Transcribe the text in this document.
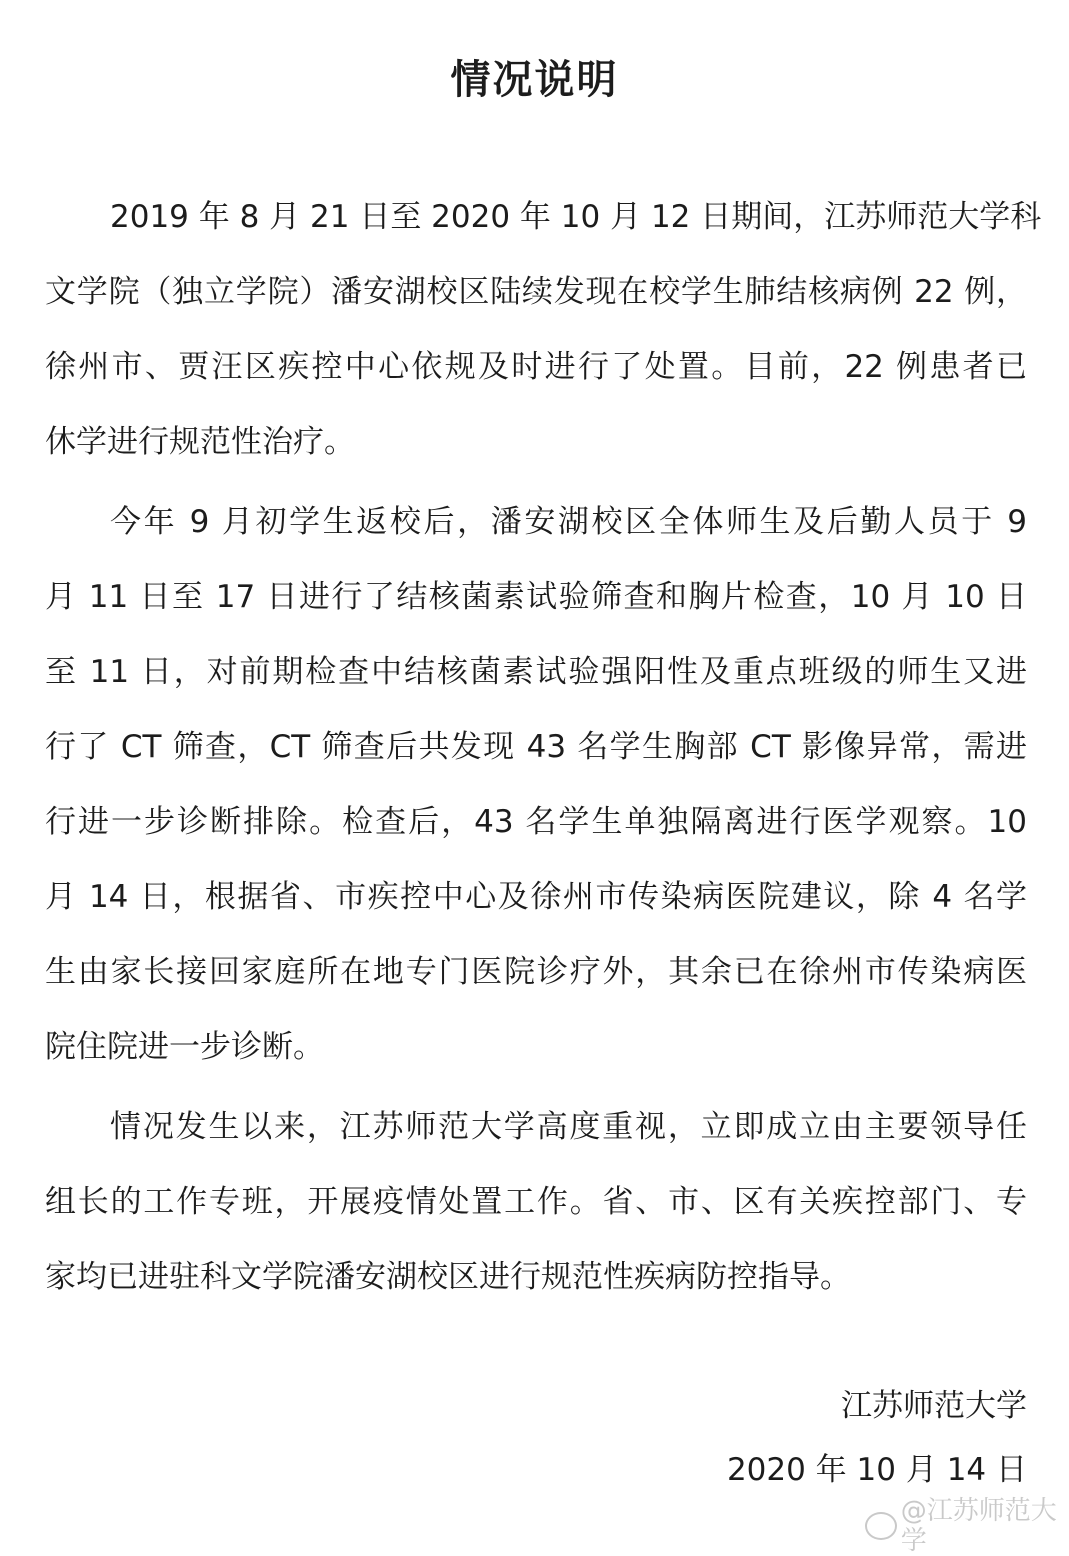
情况说明
2019 年 8 月 21 日至 2020 年 10 月 12 日期间，江苏师范大学科
文学院（独立学院）潘安湖校区陆续发现在校学生肺结核病例 22 例，
徐州市、贾汪区疾控中心依规及时进行了处置。目前，22 例患者已
休学进行规范性治疗。
今年 9 月初学生返校后，潘安湖校区全体师生及后勤人员于 9
月 11 日至 17 日进行了结核菌素试验筛查和胸片检查，10 月 10 日
至 11 日，对前期检查中结核菌素试验强阳性及重点班级的师生又进
行了 CT 筛查，CT 筛查后共发现 43 名学生胸部 CT 影像异常，需进
行进一步诊断排除。检查后，43 名学生单独隔离进行医学观察。10
月 14 日，根据省、市疾控中心及徐州市传染病医院建议，除 4 名学
生由家长接回家庭所在地专门医院诊疗外，其余已在徐州市传染病医
院住院进一步诊断。
情况发生以来，江苏师范大学高度重视，立即成立由主要领导任
组长的工作专班，开展疫情处置工作。省、市、区有关疾控部门、专
家均已进驻科文学院潘安湖校区进行规范性疾病防控指导。
江苏师范大学
2020 年 10 月 14 日
@江苏师范大学
